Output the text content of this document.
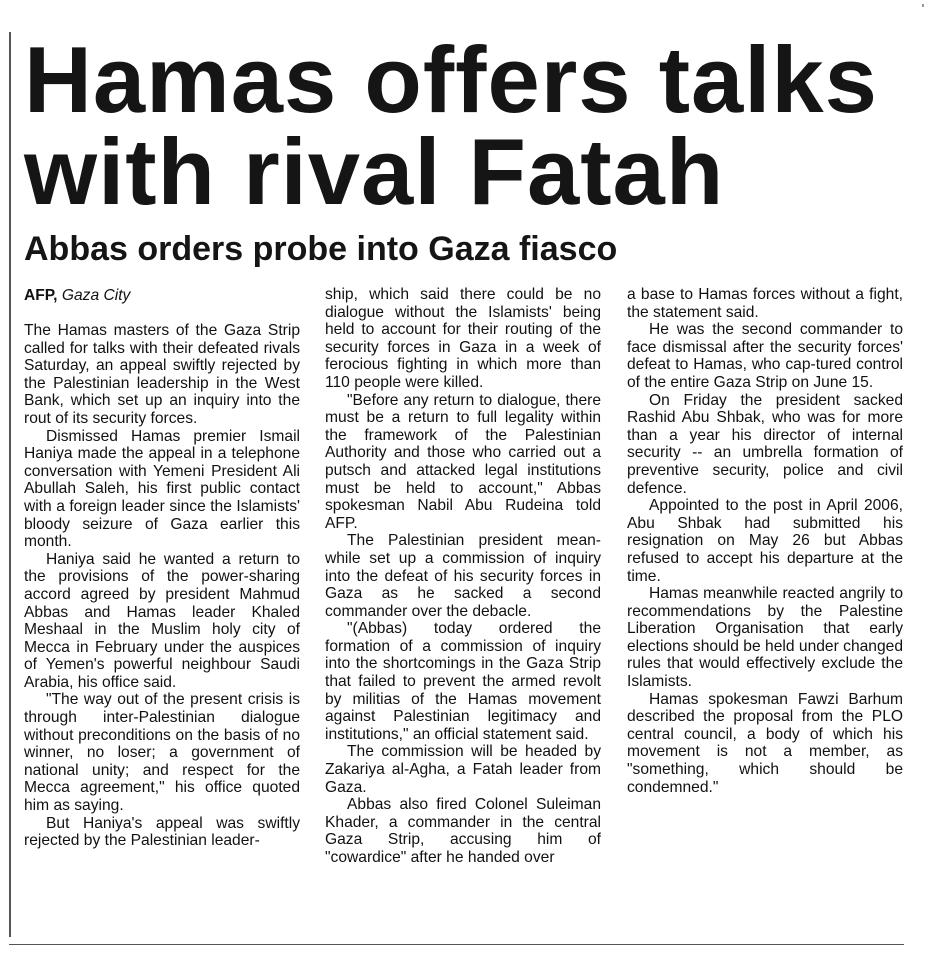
Hamas offers talks with rival Fatah
Abbas orders probe into Gaza fiasco
AFP, Gaza City

The Hamas masters of the Gaza Strip called for talks with their defeated rivals Saturday, an appeal swiftly rejected by the Palestinian leadership in the West Bank, which set up an inquiry into the rout of its security forces.

Dismissed Hamas premier Ismail Haniya made the appeal in a telephone conversation with Yemeni President Ali Abullah Saleh, his first public contact with a foreign leader since the Islamists' bloody seizure of Gaza earlier this month.

Haniya said he wanted a return to the provisions of the power-sharing accord agreed by president Mahmud Abbas and Hamas leader Khaled Meshaal in the Muslim holy city of Mecca in February under the auspices of Yemen's powerful neighbour Saudi Arabia, his office said.

"The way out of the present crisis is through inter-Palestinian dialogue without preconditions on the basis of no winner, no loser; a government of national unity; and respect for the Mecca agreement," his office quoted him as saying.

But Haniya's appeal was swiftly rejected by the Palestinian leader-

ship, which said there could be no dialogue without the Islamists' being held to account for their routing of the security forces in Gaza in a week of ferocious fighting in which more than 110 people were killed.

"Before any return to dialogue, there must be a return to full legality within the framework of the Palestinian Authority and those who carried out a putsch and attacked legal institutions must be held to account," Abbas spokesman Nabil Abu Rudeina told AFP.

The Palestinian president mean-while set up a commission of inquiry into the defeat of his security forces in Gaza as he sacked a second commander over the debacle.

"(Abbas) today ordered the formation of a commission of inquiry into the shortcomings in the Gaza Strip that failed to prevent the armed revolt by militias of the Hamas movement against Palestinian legitimacy and institutions," an official statement said.

The commission will be headed by Zakariya al-Agha, a Fatah leader from Gaza.

Abbas also fired Colonel Suleiman Khader, a commander in the central Gaza Strip, accusing him of "cowardice" after he handed over

a base to Hamas forces without a fight, the statement said.

He was the second commander to face dismissal after the security forces' defeat to Hamas, who cap-tured control of the entire Gaza Strip on June 15.

On Friday the president sacked Rashid Abu Shbak, who was for more than a year his director of internal security -- an umbrella formation of preventive security, police and civil defence.

Appointed to the post in April 2006, Abu Shbak had submitted his resignation on May 26 but Abbas refused to accept his departure at the time.

Hamas meanwhile reacted angrily to recommendations by the Palestine Liberation Organisation that early elections should be held under changed rules that would effectively exclude the Islamists.

Hamas spokesman Fawzi Barhum described the proposal from the PLO central council, a body of which his movement is not a member, as "something, which should be condemned."
